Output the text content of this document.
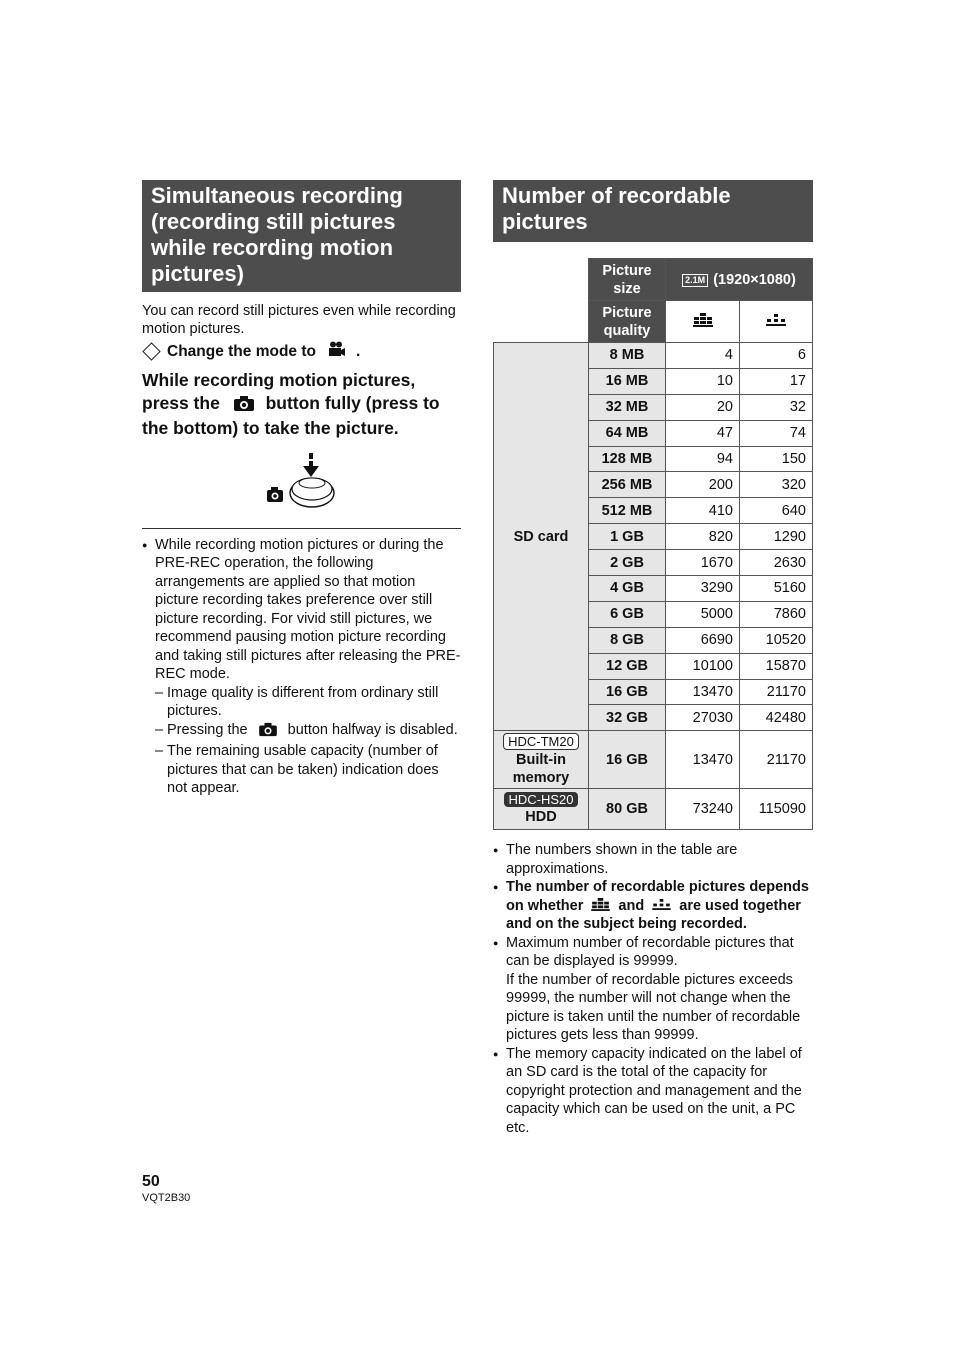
Simultaneous recording
(recording still pictures
while recording motion
pictures)
You can record still pictures even while recording motion pictures.
Change the mode to	.
While recording motion pictures,
press the	button fully (press to
the bottom) to take the picture.
● While recording motion pictures or during the PRE-REC operation, the following arrangements are applied so that motion picture recording takes preference over still picture recording. For vivid still pictures, we recommend pausing motion picture recording and taking still pictures after releasing the PRE-REC mode.
– Image quality is different from ordinary still pictures.
– Pressing the	button halfway is disabled.
– The remaining usable capacity (number of pictures that can be taken) indication does not appear.
Number of recordable
pictures
	Picture size	2.1M (1920×1080)	
	Picture quality		
SD card	8 MB	4	6
	16 MB	10	17
	32 MB	20	32
	64 MB	47	74
	128 MB	94	150
	256 MB	200	320
	512 MB	410	640
	1 GB	820	1290
	2 GB	1670	2630
	4 GB	3290	5160
	6 GB	5000	7860
	8 GB	6690	10520
	12 GB	10100	15870
	16 GB	13470	21170
	32 GB	27030	42480
HDC-TM20
Built-in
memory	16 GB	13470	21170
HDC-HS20
HDD	80 GB	73240	115090
● The numbers shown in the table are approximations.
● The number of recordable pictures depends on whether and are used together and on the subject being recorded.
● Maximum number of recordable pictures that can be displayed is 99999.
If the number of recordable pictures exceeds 99999, the number will not change when the picture is taken until the number of recordable pictures gets less than 99999.
● The memory capacity indicated on the label of an SD card is the total of the capacity for copyright protection and management and the capacity which can be used on the unit, a PC etc.
50
VQT2B30
